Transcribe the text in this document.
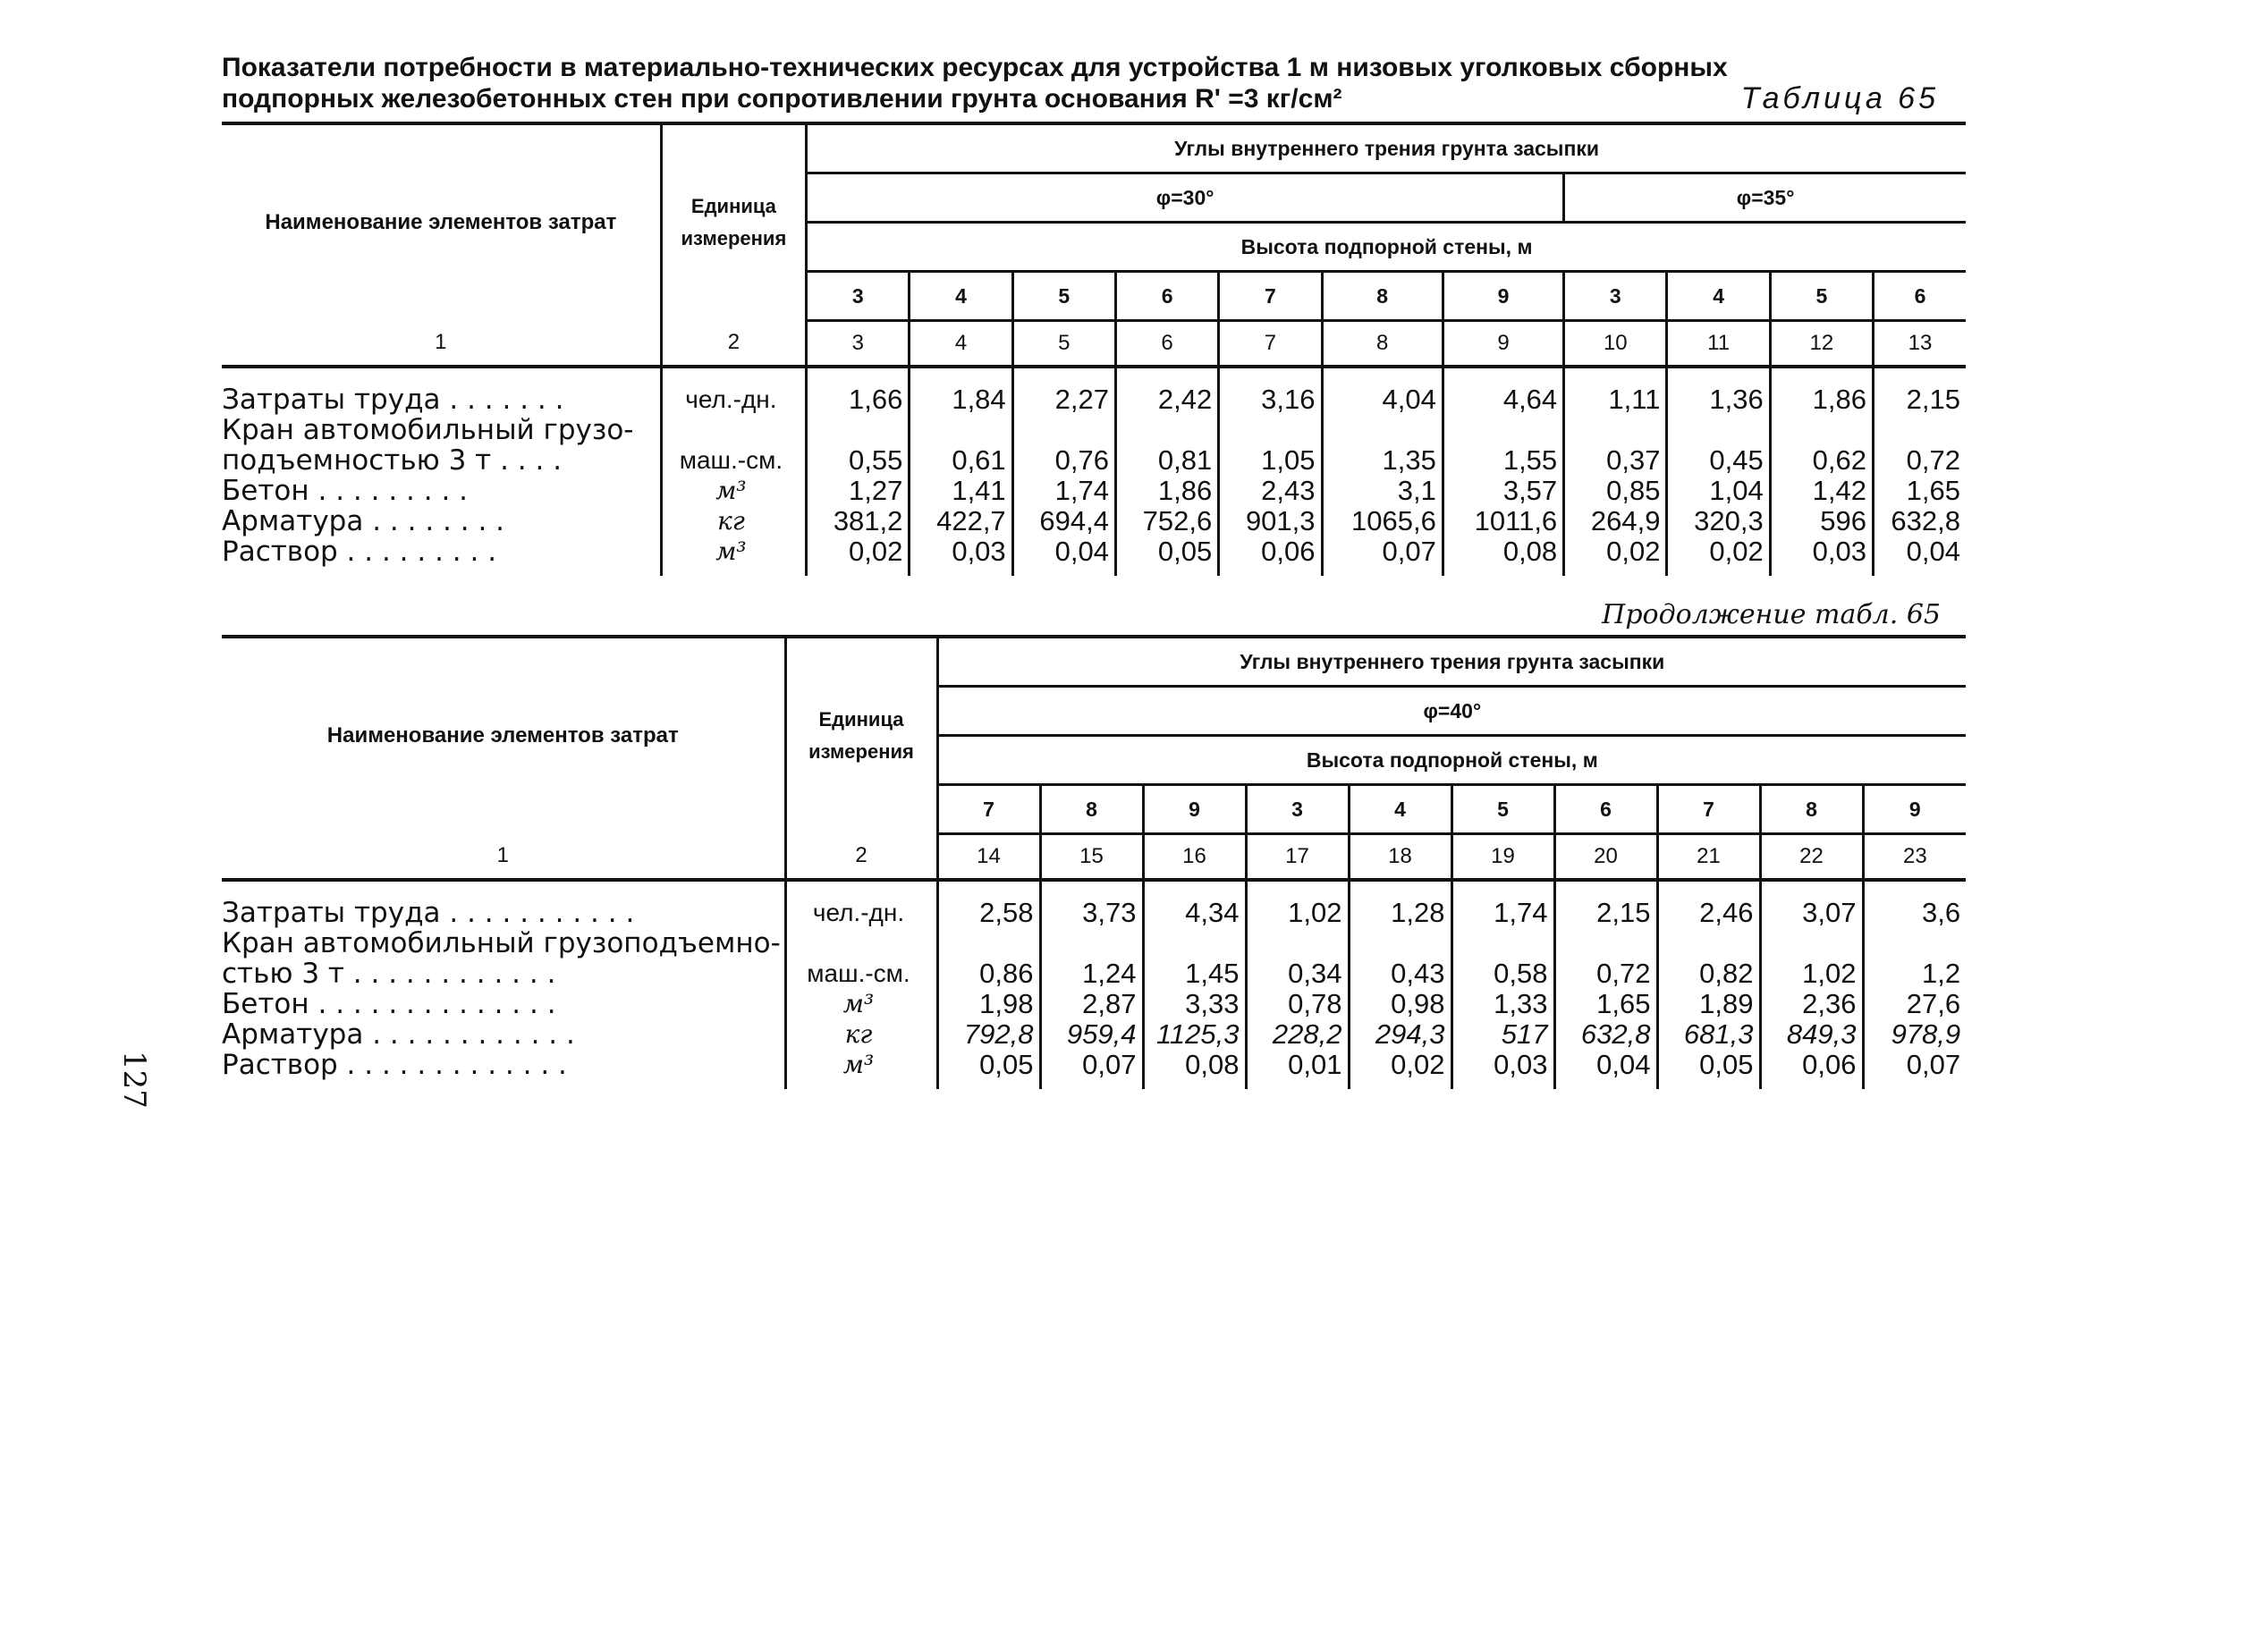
Показатели потребности в материально-технических ресурсах для устройства 1 м низовых уголковых сборных
подпорных железобетонных стен при сопротивлении грунта основания R' =3 кг/см²	Таблица 65
Наименование элементов затрат	Единица измерения	Углы внутреннего трения грунта засыпки										
		φ=30°							φ=35°			
		Высота подпорной стены, м										
		3	4	5	6	7	8	9	3	4	5	6
1	2	3	4	5	6	7	8	9	10	11	12	13
Затраты труда . . . . . . .	чел.-дн.	1,66	1,84	2,27	2,42	3,16	4,04	4,64	1,11	1,36	1,86	2,15
Кран автомобильный грузо-												
подъемностью 3 т . . . .	маш.-см.	0,55	0,61	0,76	0,81	1,05	1,35	1,55	0,37	0,45	0,62	0,72
Бетон . . . . . . . . .	м³	1,27	1,41	1,74	1,86	2,43	3,1	3,57	0,85	1,04	1,42	1,65
Арматура . . . . . . . .	кг	381,2	422,7	694,4	752,6	901,3	1065,6	1011,6	264,9	320,3	596	632,8
Раствор . . . . . . . . .	м³	0,02	0,03	0,04	0,05	0,06	0,07	0,08	0,02	0,02	0,03	0,04
Продолжение табл. 65
Наименование элементов затрат	Единица измерения	Углы внутреннего трения грунта засыпки									
		φ=40°									
		Высота подпорной стены, м									
		7	8	9	3	4	5	6	7	8	9
1	2	14	15	16	17	18	19	20	21	22	23
Затраты труда . . . . . . . . . . .	чел.-дн.	2,58	3,73	4,34	1,02	1,28	1,74	2,15	2,46	3,07	3,6
Кран автомобильный грузоподъемно-											
стью 3 т . . . . . . . . . . . .	маш.-см.	0,86	1,24	1,45	0,34	0,43	0,58	0,72	0,82	1,02	1,2
Бетон . . . . . . . . . . . . . .	м³	1,98	2,87	3,33	0,78	0,98	1,33	1,65	1,89	2,36	27,6
Арматура . . . . . . . . . . . .	кг	792,8	959,4	1125,3	228,2	294,3	517	632,8	681,3	849,3	978,9
Раствор . . . . . . . . . . . . .	м³	0,05	0,07	0,08	0,01	0,02	0,03	0,04	0,05	0,06	0,07
127
